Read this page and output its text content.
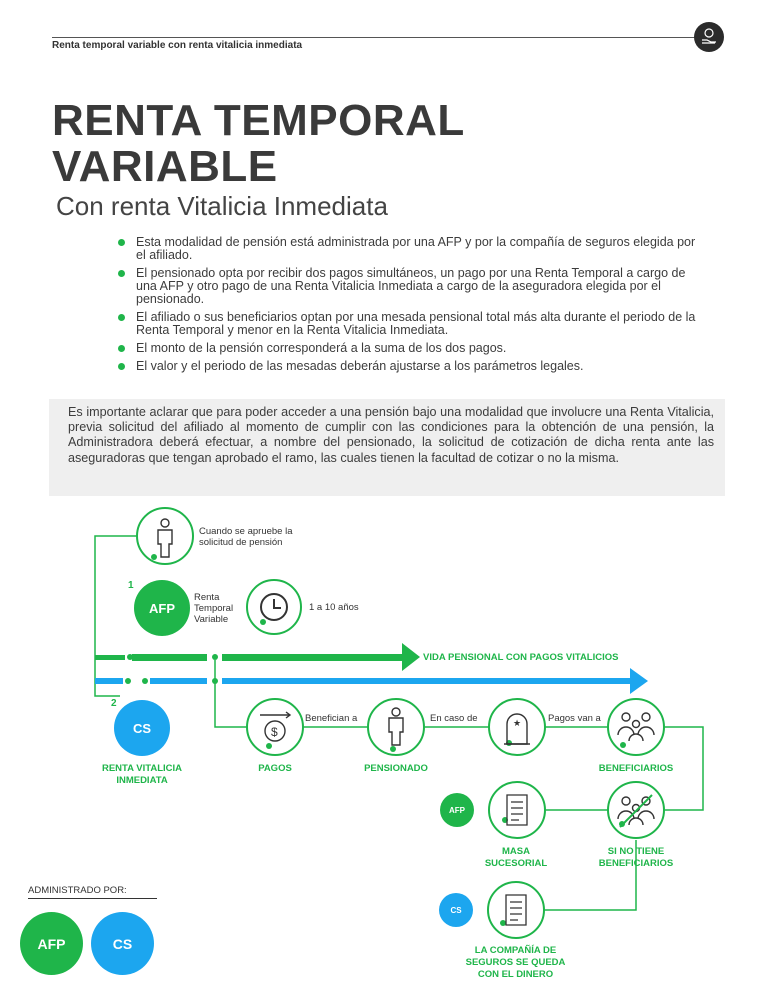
Renta temporal variable con renta vitalicia inmediata
RENTA TEMPORAL
VARIABLE
Con renta Vitalicia Inmediata
Esta modalidad de pensión está administrada por una AFP y por la compañía de seguros elegida por el afiliado.
El pensionado opta por recibir dos pagos simultáneos, un pago por una Renta Temporal a cargo de una AFP y otro pago de una Renta Vitalicia Inmediata a cargo de la aseguradora elegida por el pensionado.
El afiliado o sus beneficiarios optan por una mesada pensional total más alta durante el periodo de la Renta Temporal y menor en la Renta Vitalicia Inmediata.
El monto de la pensión corresponderá a la suma de los dos pagos.
El valor y el periodo de las mesadas deberán ajustarse a los parámetros legales.
Es importante aclarar que para poder acceder a una pensión bajo una modalidad que involucre una Renta Vitalicia, previa solicitud del afiliado al momento de cumplir con las condiciones para la obtención de una pensión, la Administradora deberá efectuar, a nombre del pensionado, la solicitud de cotización de dicha renta ante las aseguradoras que tengan aprobado el ramo, las cuales tienen la facultad de cotizar o no la misma.
$
★
Cuando se apruebe la solicitud de pensión
1
AFP
Renta Temporal Variable
1 a 10 años
VIDA PENSIONAL CON PAGOS VITALICIOS
2
CS
RENTA VITALICIA INMEDIATA
PAGOS
Benefician a
PENSIONADO
En caso de	Pagos van a
BENEFICIARIOS
AFP
MASA SUCESORIAL
SI NO TIENE BENEFICIARIOS
CS
LA COMPAÑÍA DE SEGUROS SE QUEDA CON EL DINERO
ADMINISTRADO POR:
AFP	CS
